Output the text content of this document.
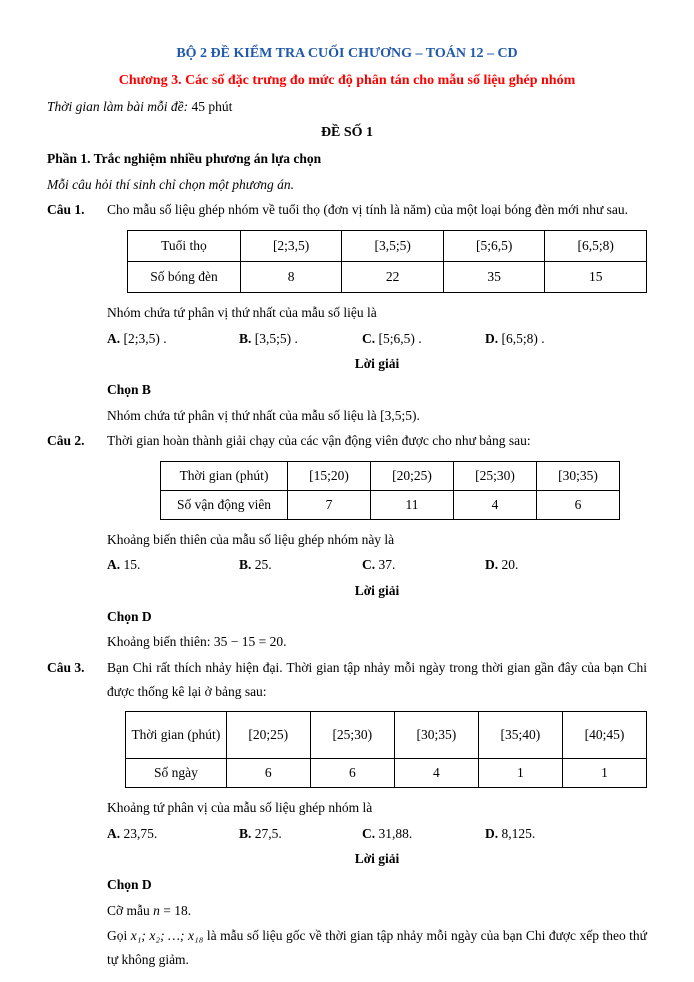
BỘ 2 ĐỀ KIỂM TRA CUỐI CHƯƠNG – TOÁN 12 – CD
Chương 3. Các số đặc trưng đo mức độ phân tán cho mẫu số liệu ghép nhóm
Thời gian làm bài mỗi đề: 45 phút
ĐỀ SỐ 1
Phần 1. Trắc nghiệm nhiều phương án lựa chọn
Mỗi câu hỏi thí sinh chỉ chọn một phương án.
Câu 1.	Cho mẫu số liệu ghép nhóm về tuổi thọ (đơn vị tính là năm) của một loại bóng đèn mới như sau.
Tuổi thọ	[2;3,5)	[3,5;5)	[5;6,5)	[6,5;8)
Số bóng đèn	8	22	35	15
Nhóm chứa tứ phân vị thứ nhất của mẫu số liệu là
A. [2;3,5) .	B. [3,5;5) .	C. [5;6,5) .	D. [6,5;8) .
Lời giải
Chọn B
Nhóm chứa tứ phân vị thứ nhất của mẫu số liệu là [3,5;5).
Câu 2.	Thời gian hoàn thành giải chạy của các vận động viên được cho như bảng sau:
Thời gian (phút)	[15;20)	[20;25)	[25;30)	[30;35)
Số vận động viên	7	11	4	6
Khoảng biến thiên của mẫu số liệu ghép nhóm này là
A. 15.	B. 25.	C. 37.	D. 20.
Lời giải
Chọn D
Khoảng biến thiên: 35 − 15 = 20.
Câu 3.	Bạn Chi rất thích nhảy hiện đại. Thời gian tập nhảy mỗi ngày trong thời gian gần đây của bạn Chi được thống kê lại ở bảng sau:
Thời gian (phút)	[20;25)	[25;30)	[30;35)	[35;40)	[40;45)
Số ngày	6	6	4	1	1
Khoảng tứ phân vị của mẫu số liệu ghép nhóm là
A. 23,75.	B. 27,5.	C. 31,88.	D. 8,125.
Lời giải
Chọn D
Cỡ mẫu n = 18.
Gọi x₁; x₂; …; x₁₈ là mẫu số liệu gốc về thời gian tập nhảy mỗi ngày của bạn Chi được xếp theo thứ tự không giảm.
